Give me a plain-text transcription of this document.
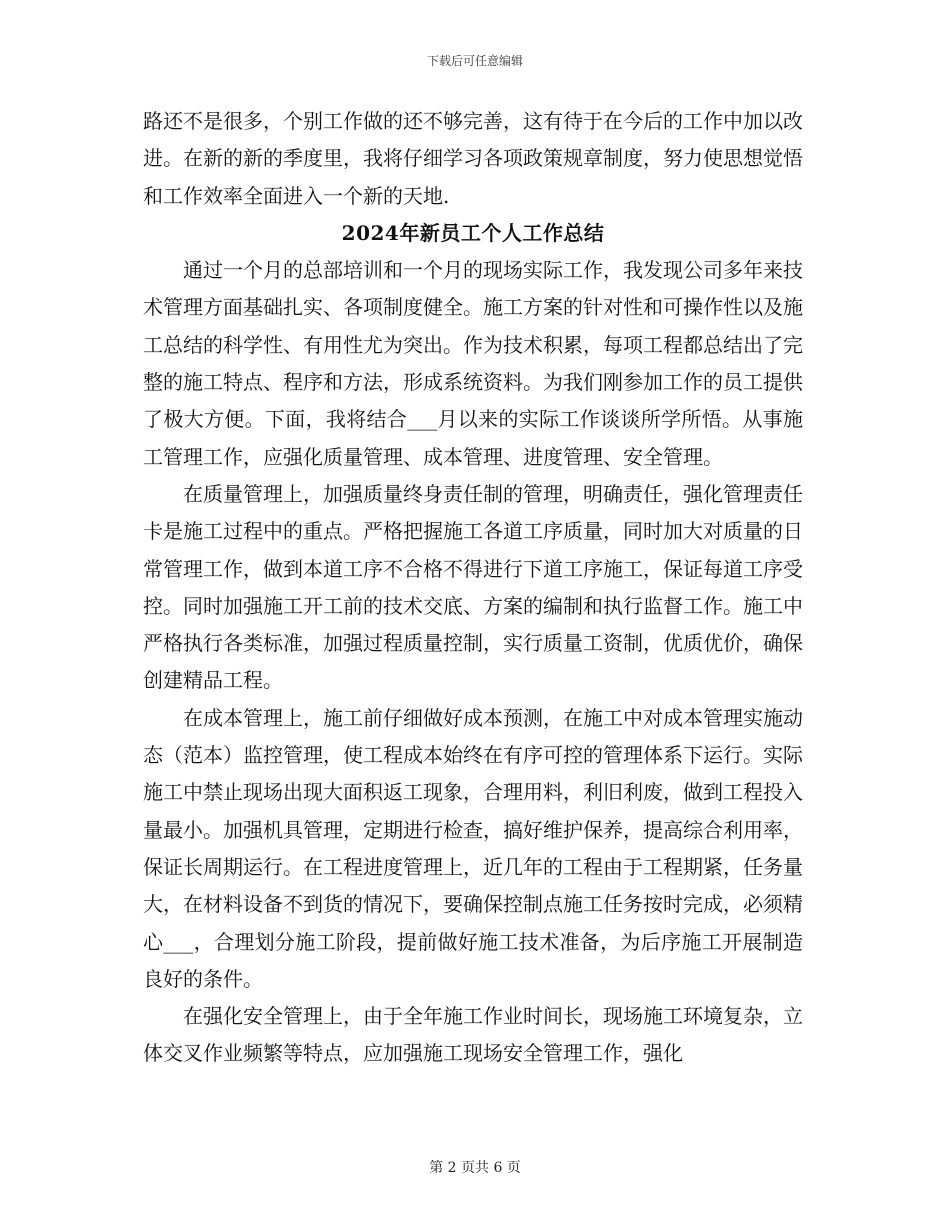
下载后可任意编辑

路还不是很多，个别工作做的还不够完善，这有待于在今后的工作中加以改进。在新的新的季度里，我将仔细学习各项政策规章制度，努力使思想觉悟和工作效率全面进入一个新的天地.

2024年新员工个人工作总结

通过一个月的总部培训和一个月的现场实际工作，我发现公司多年来技术管理方面基础扎实、各项制度健全。施工方案的针对性和可操作性以及施工总结的科学性、有用性尤为突出。作为技术积累，每项工程都总结出了完整的施工特点、程序和方法，形成系统资料。为我们刚参加工作的员工提供了极大方便。下面，我将结合___月以来的实际工作谈谈所学所悟。从事施工管理工作，应强化质量管理、成本管理、进度管理、安全管理。

在质量管理上，加强质量终身责任制的管理，明确责任，强化管理责任卡是施工过程中的重点。严格把握施工各道工序质量，同时加大对质量的日常管理工作，做到本道工序不合格不得进行下道工序施工，保证每道工序受控。同时加强施工开工前的技术交底、方案的编制和执行监督工作。施工中严格执行各类标准，加强过程质量控制，实行质量工资制，优质优价，确保创建精品工程。

在成本管理上，施工前仔细做好成本预测，在施工中对成本管理实施动态（范本）监控管理，使工程成本始终在有序可控的管理体系下运行。实际施工中禁止现场出现大面积返工现象，合理用料，利旧利废，做到工程投入量最小。加强机具管理，定期进行检查，搞好维护保养，提高综合利用率，保证长周期运行。在工程进度管理上，近几年的工程由于工程期紧，任务量大，在材料设备不到货的情况下，要确保控制点施工任务按时完成，必须精心___，合理划分施工阶段，提前做好施工技术准备，为后序施工开展制造良好的条件。

在强化安全管理上，由于全年施工作业时间长，现场施工环境复杂，立体交叉作业频繁等特点，应加强施工现场安全管理工作，强化

第 2 页共 6 页
